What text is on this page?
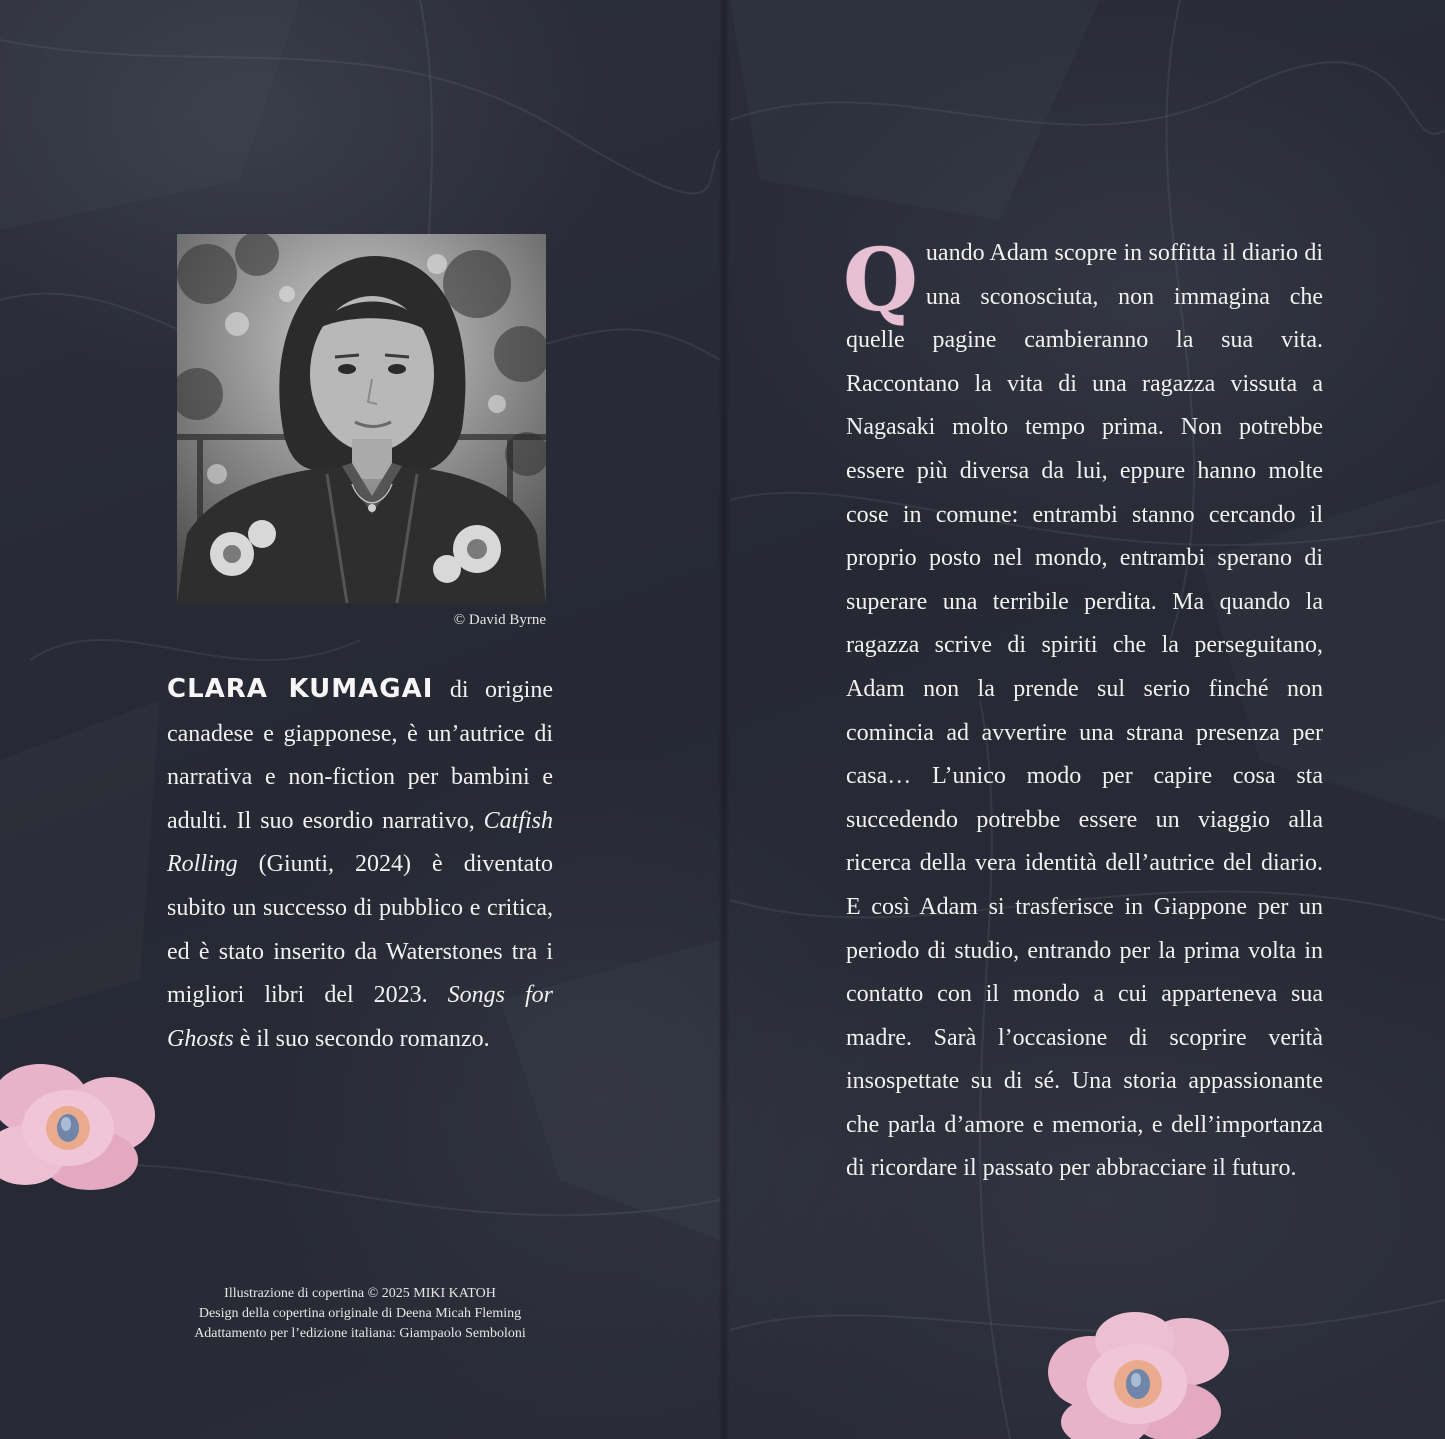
© David Byrne
CLARA KUMAGAI di origine canadese e giapponese, è un’autrice di narrativa e non-fiction per bambini e adulti. Il suo esordio narrativo, Catfish Rolling (Giunti, 2024) è diventato subito un successo di pubblico e critica, ed è stato inserito da Waterstones tra i migliori libri del 2023. Songs for Ghosts è il suo secondo romanzo.
Illustrazione di copertina © 2025 MIKI KATOH
Design della copertina originale di Deena Micah Fleming
Adattamento per l’edizione italiana: Giampaolo Semboloni
Quando Adam scopre in soffitta il diario di una sconosciuta, non immagina che quelle pagine cambieranno la sua vita. Raccontano la vita di una ragazza vissuta a Nagasaki molto tempo prima. Non potrebbe essere più diversa da lui, eppure hanno molte cose in comune: entrambi stanno cercando il proprio posto nel mondo, entrambi sperano di superare una terribile perdita. Ma quando la ragazza scrive di spiriti che la perseguitano, Adam non la prende sul serio finché non comincia ad avvertire una strana presenza per casa… L’unico modo per capire cosa sta succedendo potrebbe essere un viaggio alla ricerca della vera identità dell’autrice del diario. E così Adam si trasferisce in Giappone per un periodo di studio, entrando per la prima volta in contatto con il mondo a cui apparteneva sua madre. Sarà l’occasione di scoprire verità insospettate su di sé. Una storia appassionante che parla d’amore e memoria, e dell’importanza di ricordare il passato per abbracciare il futuro.
